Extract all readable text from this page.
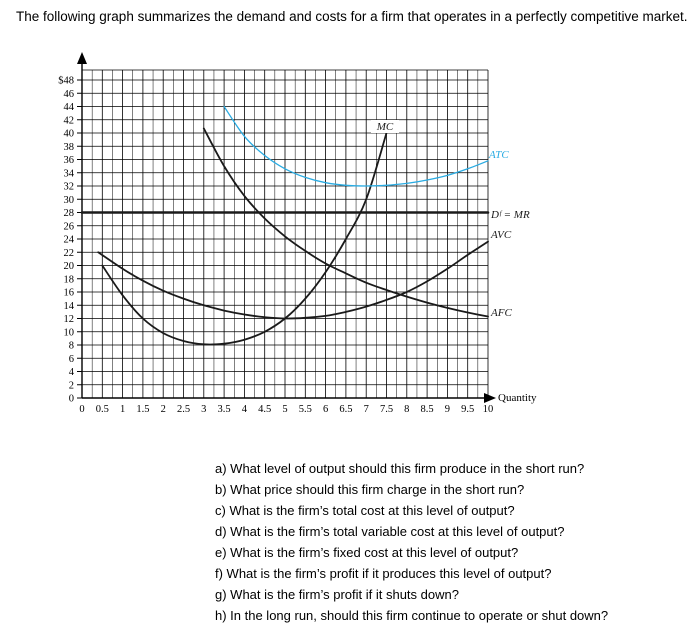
The following graph summarizes the demand and costs for a firm that operates in a perfectly competitive market.
0
2
4
6
8
10
12
14
16
18
20
22
24
26
28
30
32
34
36
38
40
42
44
46
$48
0 0.5 1 1.5 2 2.5 3 3.5 4 4.5 5 5.5 6 6.5 7 7.5 8 8.5 9 9.5 10
Quantity
Dᶠ = MR
MC
ATC
AVC
AFC
a) What level of output should this firm produce in the short run?
b) What price should this firm charge in the short run?
c) What is the firm’s total cost at this level of output?
d) What is the firm’s total variable cost at this level of output?
e) What is the firm’s fixed cost at this level of output?
f) What is the firm’s profit if it produces this level of output?
g) What is the firm’s profit if it shuts down?
h) In the long run, should this firm continue to operate or shut down?
